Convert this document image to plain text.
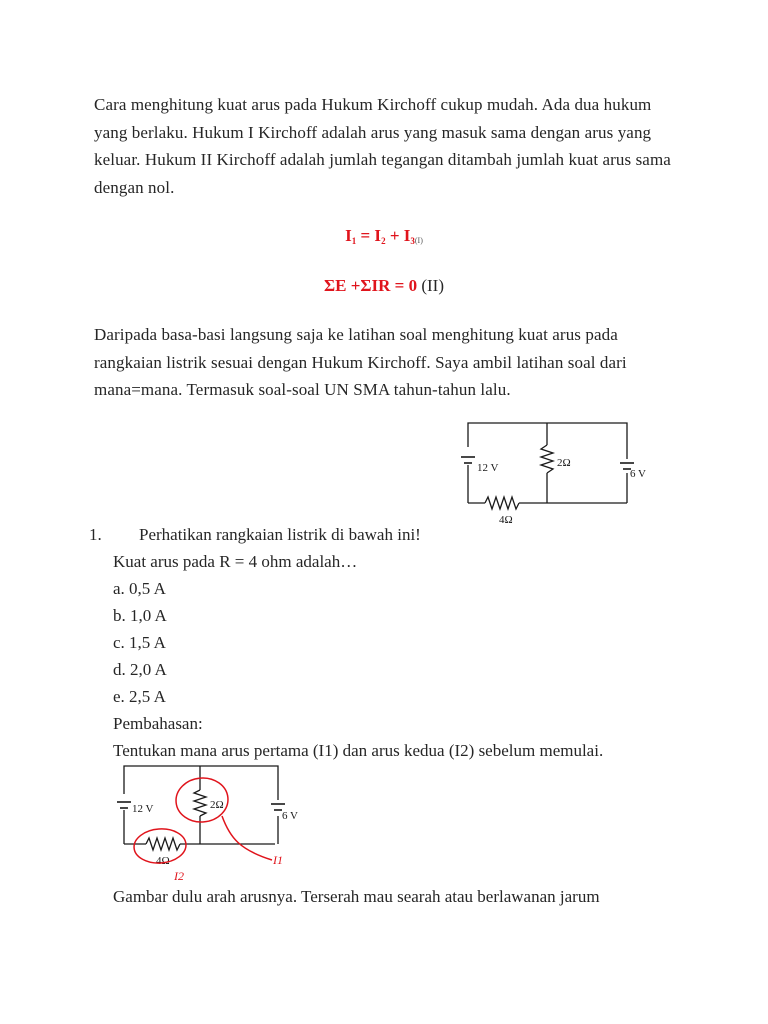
Cara menghitung kuat arus pada Hukum Kirchoff cukup mudah. Ada dua hukum yang berlaku. Hukum I Kirchoff adalah arus yang masuk sama dengan arus yang keluar. Hukum II Kirchoff adalah jumlah tegangan ditambah jumlah kuat arus sama dengan nol.

$I_1 = I_2 + I_3(I)$
ΣE +ΣIR = 0 (II)

Daripada basa-basi langsung saja ke latihan soal menghitung kuat arus pada rangkaian listrik sesuai dengan Hukum Kirchoff. Saya ambil latihan soal dari mana=mana. Termasuk soal-soal UN SMA tahun-tahun lalu.

12 V	2Ω
6 V
4Ω
1. Perhatikan rangkaian listrik di bawah ini!

Kuat arus pada R = 4 ohm adalah…

a. 0,5 A

b. 1,0 A

c. 1,5 A

d. 2,0 A

e. 2,5 A

Pembahasan:

Tentukan mana arus pertama (I1) dan arus kedua (I2) sebelum memulai.

12 V	2Ω
6 V
4Ω	I1
I2

Gambar dulu arah arusnya. Terserah mau searah atau berlawanan jarum
